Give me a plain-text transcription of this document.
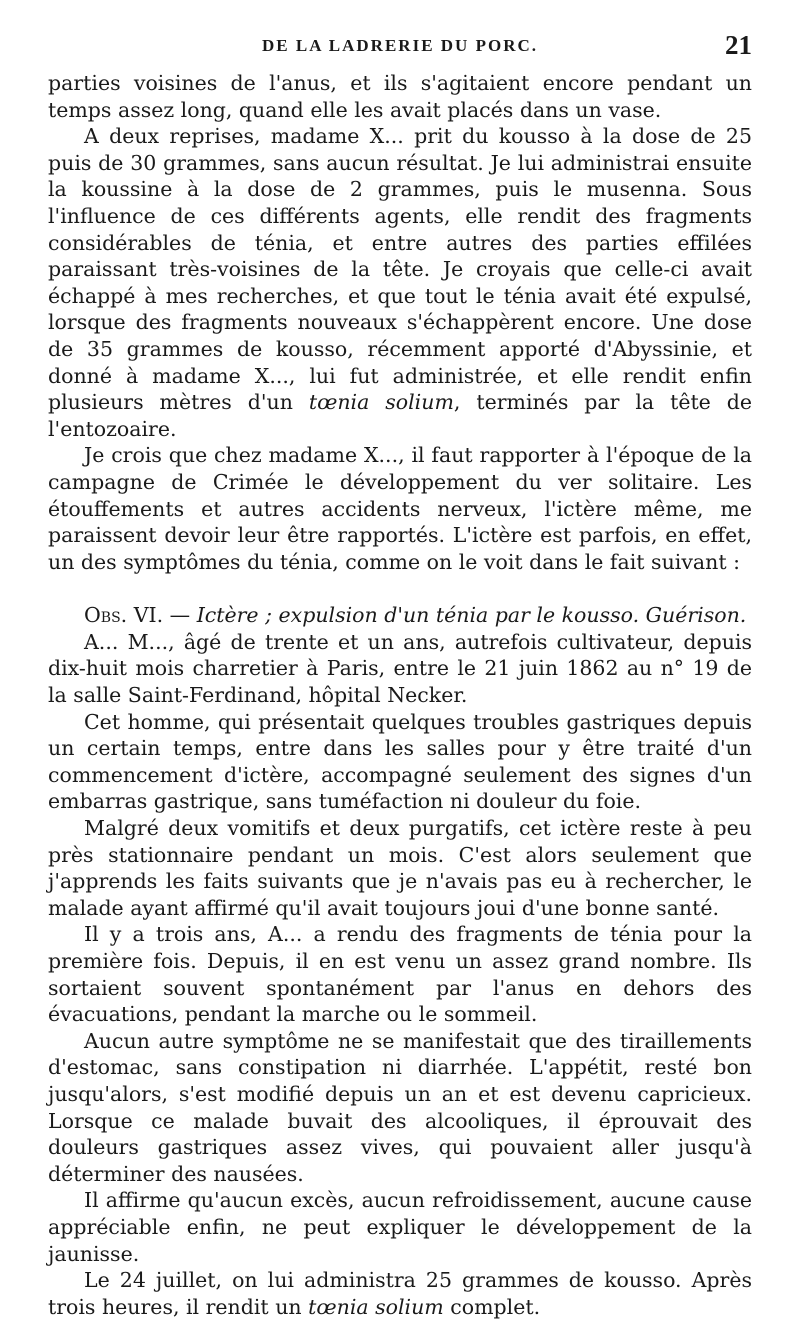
DE LA LADRERIE DU PORC.	21

parties voisines de l'anus, et ils s'agitaient encore pendant un temps assez long, quand elle les avait placés dans un vase.

A deux reprises, madame X... prit du kousso à la dose de 25 puis de 30 grammes, sans aucun résultat. Je lui administrai ensuite la koussine à la dose de 2 grammes, puis le musenna. Sous l'influence de ces différents agents, elle rendit des fragments considérables de ténia, et entre autres des parties effilées paraissant très-voisines de la tête. Je croyais que celle-ci avait échappé à mes recherches, et que tout le ténia avait été expulsé, lorsque des fragments nouveaux s'échappèrent encore. Une dose de 35 grammes de kousso, récemment apporté d'Abyssinie, et donné à madame X..., lui fut administrée, et elle rendit enfin plusieurs mètres d'un tœnia solium, terminés par la tête de l'entozoaire.

Je crois que chez madame X..., il faut rapporter à l'époque de la campagne de Crimée le développement du ver solitaire. Les étouffements et autres accidents nerveux, l'ictère même, me paraissent devoir leur être rapportés. L'ictère est parfois, en effet, un des symptômes du ténia, comme on le voit dans le fait suivant :

Obs. VI. — Ictère ; expulsion d'un ténia par le kousso. Guérison.

A... M..., âgé de trente et un ans, autrefois cultivateur, depuis dix-huit mois charretier à Paris, entre le 21 juin 1862 au n° 19 de la salle Saint-Ferdinand, hôpital Necker.

Cet homme, qui présentait quelques troubles gastriques depuis un certain temps, entre dans les salles pour y être traité d'un commencement d'ictère, accompagné seulement des signes d'un embarras gastrique, sans tuméfaction ni douleur du foie.

Malgré deux vomitifs et deux purgatifs, cet ictère reste à peu près stationnaire pendant un mois. C'est alors seulement que j'apprends les faits suivants que je n'avais pas eu à rechercher, le malade ayant affirmé qu'il avait toujours joui d'une bonne santé.

Il y a trois ans, A... a rendu des fragments de ténia pour la première fois. Depuis, il en est venu un assez grand nombre. Ils sortaient souvent spontanément par l'anus en dehors des évacuations, pendant la marche ou le sommeil.

Aucun autre symptôme ne se manifestait que des tiraillements d'estomac, sans constipation ni diarrhée. L'appétit, resté bon jusqu'alors, s'est modifié depuis un an et est devenu capricieux. Lorsque ce malade buvait des alcooliques, il éprouvait des douleurs gastriques assez vives, qui pouvaient aller jusqu'à déterminer des nausées.

Il affirme qu'aucun excès, aucun refroidissement, aucune cause appréciable enfin, ne peut expliquer le développement de la jaunisse.

Le 24 juillet, on lui administra 25 grammes de kousso. Après trois heures, il rendit un tœnia solium complet.
